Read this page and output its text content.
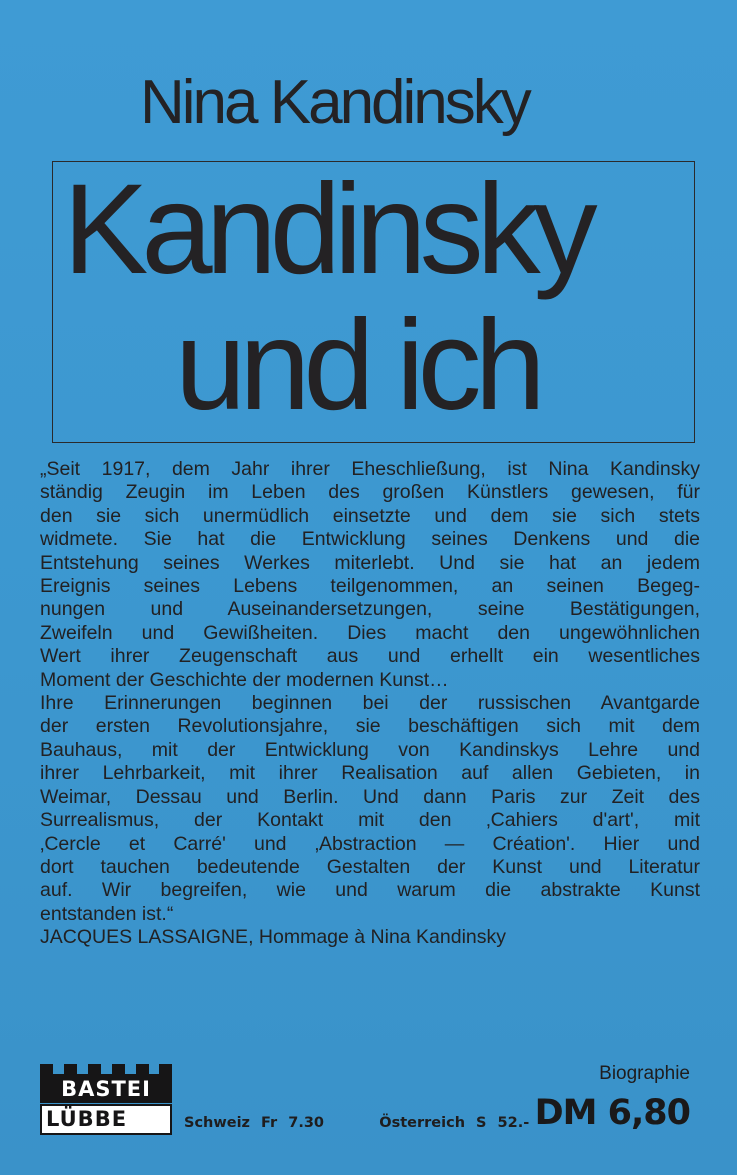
Nina Kandinsky
Kandinsky
und ich
„Seit 1917, dem Jahr ihrer Eheschließung, ist Nina Kandinsky
ständig Zeugin im Leben des großen Künstlers gewesen, für
den sie sich unermüdlich einsetzte und dem sie sich stets
widmete. Sie hat die Entwicklung seines Denkens und die
Entstehung seines Werkes miterlebt. Und sie hat an jedem
Ereignis seines Lebens teilgenommen, an seinen Begeg-
nungen und Auseinandersetzungen, seine Bestätigungen,
Zweifeln und Gewißheiten. Dies macht den ungewöhnlichen
Wert ihrer Zeugenschaft aus und erhellt ein wesentliches
Moment der Geschichte der modernen Kunst…
Ihre Erinnerungen beginnen bei der russischen Avantgarde
der ersten Revolutionsjahre, sie beschäftigen sich mit dem
Bauhaus, mit der Entwicklung von Kandinskys Lehre und
ihrer Lehrbarkeit, mit ihrer Realisation auf allen Gebieten, in
Weimar, Dessau und Berlin. Und dann Paris zur Zeit des
Surrealismus, der Kontakt mit den ‚Cahiers d'art', mit
‚Cercle et Carré' und ‚Abstraction — Création'. Hier und
dort tauchen bedeutende Gestalten der Kunst und Literatur
auf. Wir begreifen, wie und warum die abstrakte Kunst
entstanden ist.“
JACQUES LASSAIGNE, Hommage à Nina Kandinsky
BASTEI
LÜBBE	Schweiz Fr 7.30	Österreich S 52.-
Biographie
DM 6,80
